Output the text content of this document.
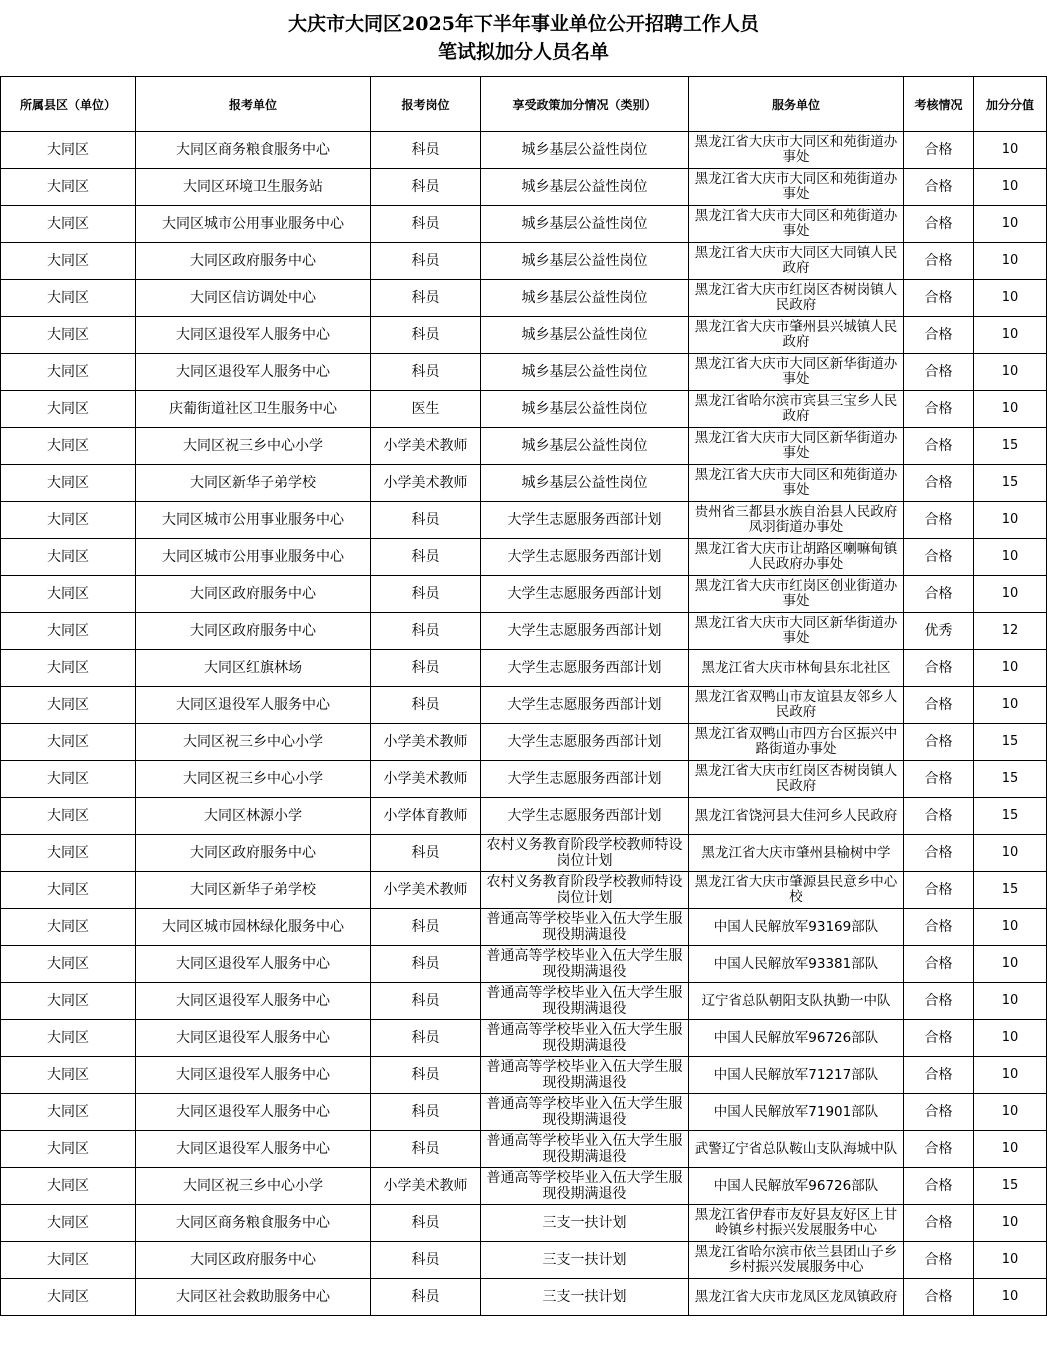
大庆市大同区2025年下半年事业单位公开招聘工作人员
笔试拟加分人员名单
所属县区（单位）	报考单位	报考岗位	享受政策加分情况（类别）	服务单位	考核情况	加分分值
大同区	大同区商务粮食服务中心	科员	城乡基层公益性岗位	黑龙江省大庆市大同区和苑街道办事处	合格	10
大同区	大同区环境卫生服务站	科员	城乡基层公益性岗位	黑龙江省大庆市大同区和苑街道办事处	合格	10
大同区	大同区城市公用事业服务中心	科员	城乡基层公益性岗位	黑龙江省大庆市大同区和苑街道办事处	合格	10
大同区	大同区政府服务中心	科员	城乡基层公益性岗位	黑龙江省大庆市大同区大同镇人民政府	合格	10
大同区	大同区信访调处中心	科员	城乡基层公益性岗位	黑龙江省大庆市红岗区杏树岗镇人民政府	合格	10
大同区	大同区退役军人服务中心	科员	城乡基层公益性岗位	黑龙江省大庆市肇州县兴城镇人民政府	合格	10
大同区	大同区退役军人服务中心	科员	城乡基层公益性岗位	黑龙江省大庆市大同区新华街道办事处	合格	10
大同区	庆葡街道社区卫生服务中心	医生	城乡基层公益性岗位	黑龙江省哈尔滨市宾县三宝乡人民政府	合格	10
大同区	大同区祝三乡中心小学	小学美术教师	城乡基层公益性岗位	黑龙江省大庆市大同区新华街道办事处	合格	15
大同区	大同区新华子弟学校	小学美术教师	城乡基层公益性岗位	黑龙江省大庆市大同区和苑街道办事处	合格	15
大同区	大同区城市公用事业服务中心	科员	大学生志愿服务西部计划	贵州省三都县水族自治县人民政府凤羽街道办事处	合格	10
大同区	大同区城市公用事业服务中心	科员	大学生志愿服务西部计划	黑龙江省大庆市让胡路区喇嘛甸镇人民政府办事处	合格	10
大同区	大同区政府服务中心	科员	大学生志愿服务西部计划	黑龙江省大庆市红岗区创业街道办事处	合格	10
大同区	大同区政府服务中心	科员	大学生志愿服务西部计划	黑龙江省大庆市大同区新华街道办事处	优秀	12
大同区	大同区红旗林场	科员	大学生志愿服务西部计划	黑龙江省大庆市林甸县东北社区	合格	10
大同区	大同区退役军人服务中心	科员	大学生志愿服务西部计划	黑龙江省双鸭山市友谊县友邻乡人民政府	合格	10
大同区	大同区祝三乡中心小学	小学美术教师	大学生志愿服务西部计划	黑龙江省双鸭山市四方台区振兴中路街道办事处	合格	15
大同区	大同区祝三乡中心小学	小学美术教师	大学生志愿服务西部计划	黑龙江省大庆市红岗区杏树岗镇人民政府	合格	15
大同区	大同区林源小学	小学体育教师	大学生志愿服务西部计划	黑龙江省饶河县大佳河乡人民政府	合格	15
大同区	大同区政府服务中心	科员	农村义务教育阶段学校教师特设岗位计划	黑龙江省大庆市肇州县榆树中学	合格	10
大同区	大同区新华子弟学校	小学美术教师	农村义务教育阶段学校教师特设岗位计划	黑龙江省大庆市肇源县民意乡中心校	合格	15
大同区	大同区城市园林绿化服务中心	科员	普通高等学校毕业入伍大学生服现役期满退役	中国人民解放军93169部队	合格	10
大同区	大同区退役军人服务中心	科员	普通高等学校毕业入伍大学生服现役期满退役	中国人民解放军93381部队	合格	10
大同区	大同区退役军人服务中心	科员	普通高等学校毕业入伍大学生服现役期满退役	辽宁省总队朝阳支队执勤一中队	合格	10
大同区	大同区退役军人服务中心	科员	普通高等学校毕业入伍大学生服现役期满退役	中国人民解放军96726部队	合格	10
大同区	大同区退役军人服务中心	科员	普通高等学校毕业入伍大学生服现役期满退役	中国人民解放军71217部队	合格	10
大同区	大同区退役军人服务中心	科员	普通高等学校毕业入伍大学生服现役期满退役	中国人民解放军71901部队	合格	10
大同区	大同区退役军人服务中心	科员	普通高等学校毕业入伍大学生服现役期满退役	武警辽宁省总队鞍山支队海城中队	合格	10
大同区	大同区祝三乡中心小学	小学美术教师	普通高等学校毕业入伍大学生服现役期满退役	中国人民解放军96726部队	合格	15
大同区	大同区商务粮食服务中心	科员	三支一扶计划	黑龙江省伊春市友好县友好区上甘岭镇乡村振兴发展服务中心	合格	10
大同区	大同区政府服务中心	科员	三支一扶计划	黑龙江省哈尔滨市依兰县团山子乡乡村振兴发展服务中心	合格	10
大同区	大同区社会救助服务中心	科员	三支一扶计划	黑龙江省大庆市龙凤区龙凤镇政府	合格	10
